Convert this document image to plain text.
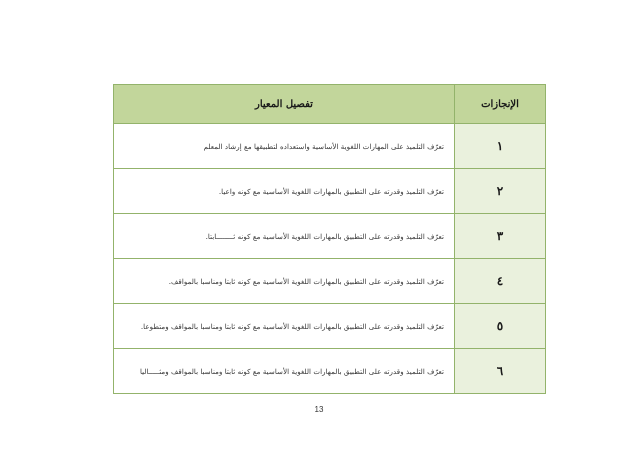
الإنجازات	تفصيل المعيار
١	تعرّف التلميذ على المهارات اللغوية الأساسية واستعداده لتطبيقها مع إرشاد المعلم
٢	تعرّف التلميذ وقدرته على التطبيق بالمهارات اللغوية الأساسية مع كونه واعيا.
٣	تعرّف التلميذ وقدرته على التطبيق بالمهارات اللغوية الأساسية مع كونه ثــــــــابتا.
٤	تعرّف التلميذ وقدرته على التطبيق بالمهارات اللغوية الأساسية مع كونه ثابتا ومناسبا بالمواقف.
٥	تعرّف التلميذ وقدرته على التطبيق بالمهارات اللغوية الأساسية مع كونه ثابتا ومناسبا بالمواقف ومتطوعا.
٦	تعرّف التلميذ وقدرته على التطبيق بالمهارات اللغوية الأساسية مع كونه ثابتا ومناسبا بالمواقف ومثـــــاليا
13
